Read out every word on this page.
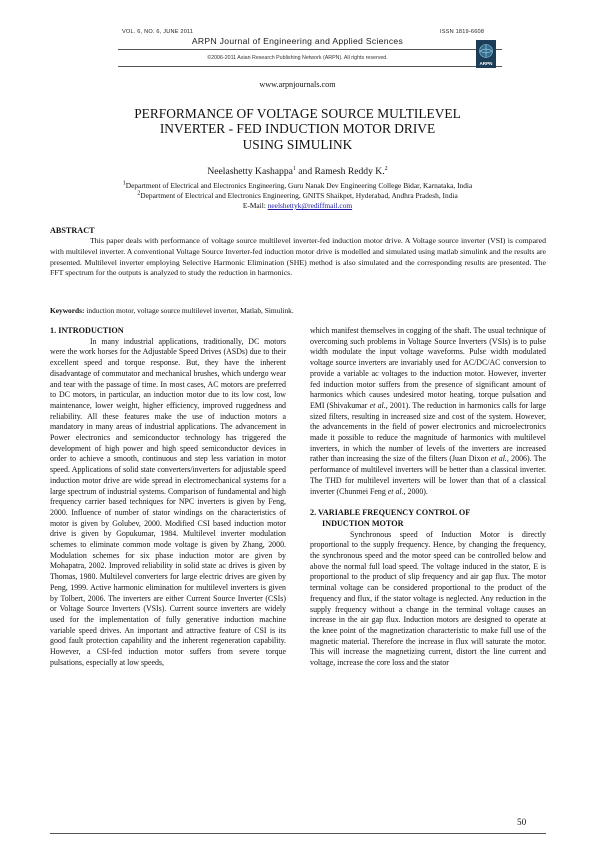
VOL. 6, NO. 6, JUNE 2011	ISSN 1819-6608
ARPN Journal of Engineering and Applied Sciences
©2006-2011 Asian Research Publishing Network (ARPN). All rights reserved.
ARPN
www.arpnjournals.com
PERFORMANCE OF VOLTAGE SOURCE MULTILEVEL
INVERTER - FED INDUCTION MOTOR DRIVE
USING SIMULINK
Neelashetty Kashappa$^1$ and Ramesh Reddy K.$^2$
$^1$Department of Electrical and Electronics Engineering, Guru Nanak Dev Engineering College Bidar, Karnataka, India
$^2$Department of Electrical and Electronics Engineering, GNITS Shaikpet, Hyderabad, Andhra Pradesh, India
E-Mail: neelshettyk@rediffmail.com
ABSTRACT

This paper deals with performance of voltage source multilevel inverter-fed induction motor drive. A Voltage source inverter (VSI) is compared with multilevel inverter. A conventional Voltage Source Inverter-fed induction motor drive is modelled and simulated using matlab simulink and the results are presented. Multilevel inverter employing Selective Harmonic Elimination (SHE) method is also simulated and the corresponding results are presented. The FFT spectrum for the outputs is analyzed to study the reduction in harmonics.

Keywords: induction motor, voltage source multilevel inverter, Matlab, Simulink.

1. INTRODUCTION

In many industrial applications, traditionally, DC motors were the work horses for the Adjustable Speed Drives (ASDs) due to their excellent speed and torque response. But, they have the inherent disadvantage of commutator and mechanical brushes, which undergo wear and tear with the passage of time. In most cases, AC motors are preferred to DC motors, in particular, an induction motor due to its low cost, low maintenance, lower weight, higher efficiency, improved ruggedness and reliability. All these features make the use of induction motors a mandatory in many areas of industrial applications. The advancement in Power electronics and semiconductor technology has triggered the development of high power and high speed semiconductor devices in order to achieve a smooth, continuous and step less variation in motor speed. Applications of solid state converters/inverters for adjustable speed induction motor drive are wide spread in electromechanical systems for a large spectrum of industrial systems. Comparison of fundamental and high frequency carrier based techniques for NPC inverters is given by Feng, 2000. Influence of number of stator windings on the characteristics of motor is given by Golubev, 2000. Modified CSI based induction motor drive is given by Gopukumar, 1984. Multilevel inverter modulation schemes to eliminate common mode voltage is given by Zhang, 2000. Modulation schemes for six phase induction motor are given by Mohapatra, 2002. Improved reliability in solid state ac drives is given by Thomas, 1980. Multilevel converters for large electric drives are given by Peng, 1999. Active harmonic elimination for multilevel inverters is given by Tolbert, 2006. The inverters are either Current Source Inverter (CSIs) or Voltage Source Inverters (VSIs). Current source inverters are widely used for the implementation of fully generative induction machine variable speed drives. An important and attractive feature of CSI is its good fault protection capability and the inherent regeneration capability. However, a CSI-fed induction motor suffers from severe torque pulsations, especially at low speeds,

which manifest themselves in cogging of the shaft. The usual technique of overcoming such problems in Voltage Source Inverters (VSIs) is to pulse width modulate the input voltage waveforms. Pulse width modulated voltage source inverters are invariably used for AC/DC/AC conversion to provide a variable ac voltages to the induction motor. However, inverter fed induction motor suffers from the presence of significant amount of harmonics which causes undesired motor heating, torque pulsation and EMI (Shivakumar et al., 2001). The reduction in harmonics calls for large sized filters, resulting in increased size and cost of the system. However, the advancements in the field of power electronics and microelectronics made it possible to reduce the magnitude of harmonics with multilevel inverters, in which the number of levels of the inverters are increased rather than increasing the size of the filters (Juan Dixon et al., 2006). The performance of multilevel inverters will be better than a classical inverter. The THD for multilevel inverters will be lower than that of a classical inverter (Chunmei Feng et al., 2000).

2. VARIABLE FREQUENCY CONTROL OF
INDUCTION MOTOR

Synchronous speed of Induction Motor is directly proportional to the supply frequency. Hence, by changing the frequency, the synchronous speed and the motor speed can be controlled below and above the normal full load speed. The voltage induced in the stator, E is proportional to the product of slip frequency and air gap flux. The motor terminal voltage can be considered proportional to the product of the frequency and flux, if the stator voltage is neglected. Any reduction in the supply frequency without a change in the terminal voltage causes an increase in the air gap flux. Induction motors are designed to operate at the knee point of the magnetization characteristic to make full use of the magnetic material. Therefore the increase in flux will saturate the motor. This will increase the magnetizing current, distort the line current and voltage, increase the core loss and the stator

50
